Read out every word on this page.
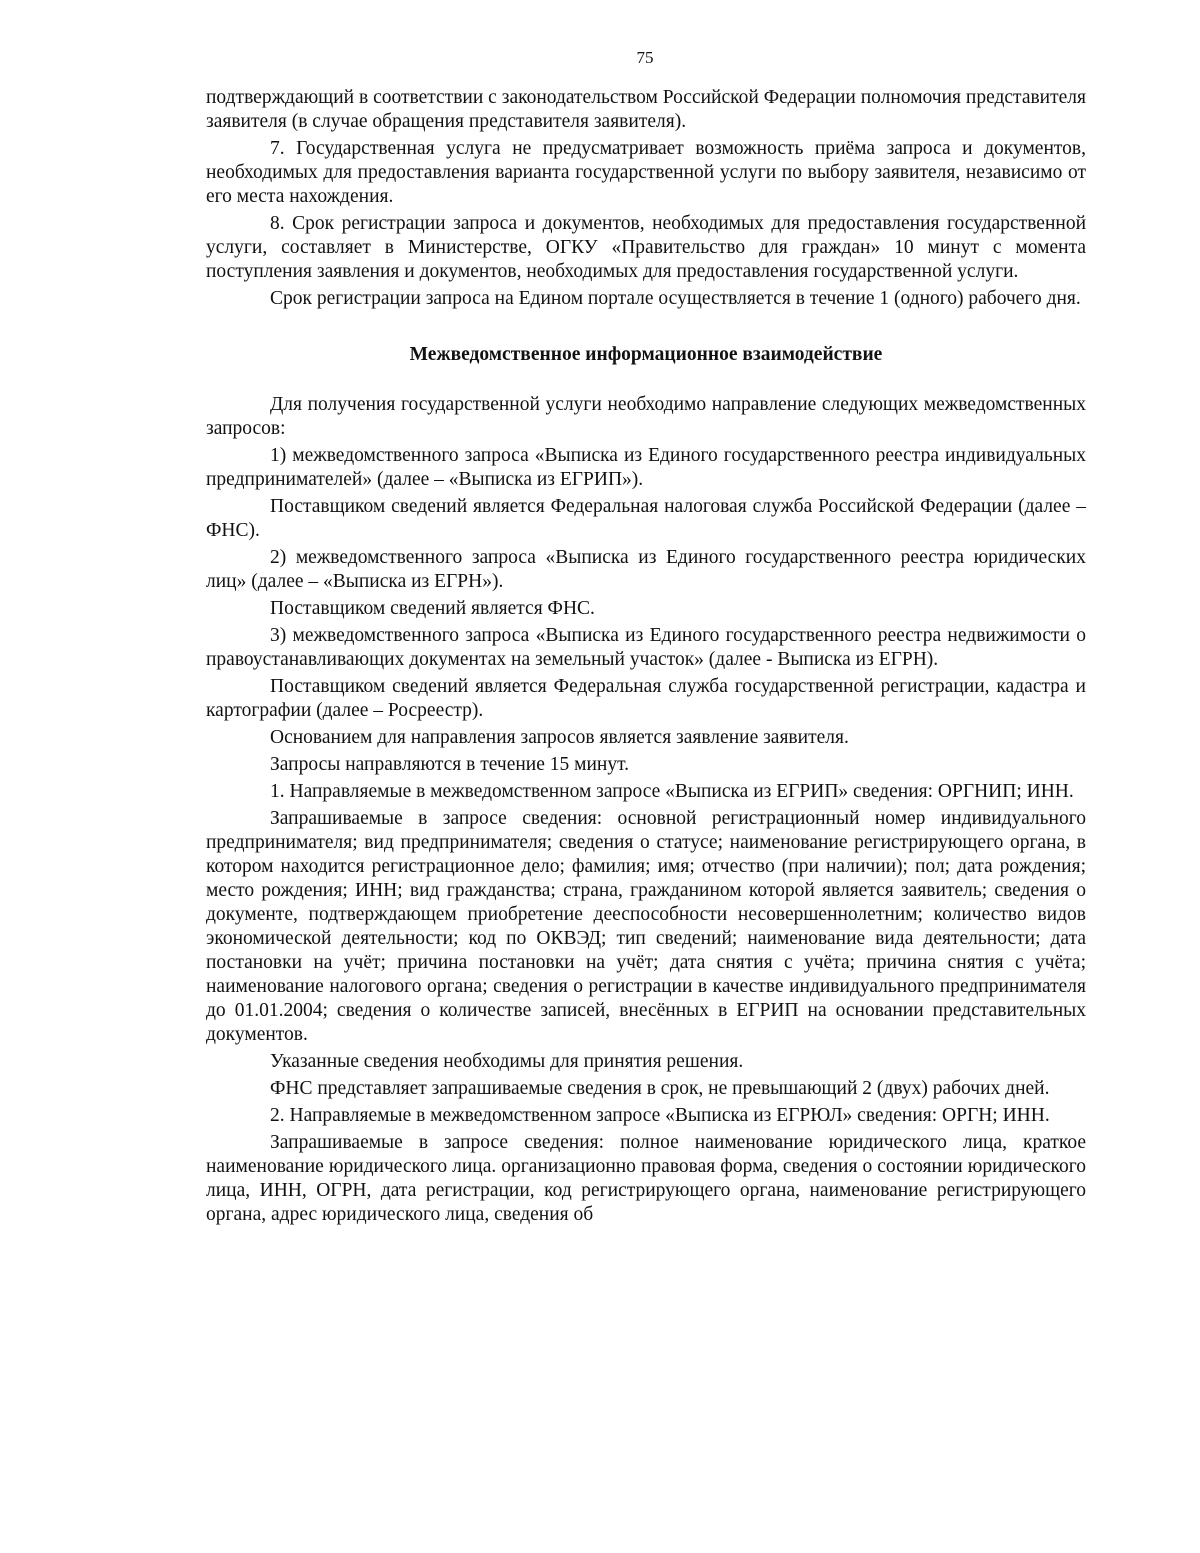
75

подтверждающий в соответствии с законодательством Российской Федерации полномочия представителя заявителя (в случае обращения представителя заявителя).

7. Государственная услуга не предусматривает возможность приёма запроса и документов, необходимых для предоставления варианта государственной услуги по выбору заявителя, независимо от его места нахождения.

8. Срок регистрации запроса и документов, необходимых для предоставления государственной услуги, составляет в Министерстве, ОГКУ «Правительство для граждан» 10 минут с момента поступления заявления и документов, необходимых для предоставления государственной услуги.

Срок регистрации запроса на Едином портале осуществляется в течение 1 (одного) рабочего дня.

Межведомственное информационное взаимодействие

Для получения государственной услуги необходимо направление следующих межведомственных запросов:

1) межведомственного запроса «Выписка из Единого государственного реестра индивидуальных предпринимателей» (далее – «Выписка из ЕГРИП»).

Поставщиком сведений является Федеральная налоговая служба Российской Федерации (далее – ФНС).

2) межведомственного запроса «Выписка из Единого государственного реестра юридических лиц» (далее – «Выписка из ЕГРН»).

Поставщиком сведений является ФНС.

3) межведомственного запроса «Выписка из Единого государственного реестра недвижимости о правоустанавливающих документах на земельный участок» (далее - Выписка из ЕГРН).

Поставщиком сведений является Федеральная служба государственной регистрации, кадастра и картографии (далее – Росреестр).

Основанием для направления запросов является заявление заявителя.

Запросы направляются в течение 15 минут.

1. Направляемые в межведомственном запросе «Выписка из ЕГРИП» сведения: ОРГНИП; ИНН.

Запрашиваемые в запросе сведения: основной регистрационный номер индивидуального предпринимателя; вид предпринимателя; сведения о статусе; наименование регистрирующего органа, в котором находится регистрационное дело; фамилия; имя; отчество (при наличии); пол; дата рождения; место рождения; ИНН; вид гражданства; страна, гражданином которой является заявитель; сведения о документе, подтверждающем приобретение дееспособности несовершеннолетним; количество видов экономической деятельности; код по ОКВЭД; тип сведений; наименование вида деятельности; дата постановки на учёт; причина постановки на учёт; дата снятия с учёта; причина снятия с учёта; наименование налогового органа; сведения о регистрации в качестве индивидуального предпринимателя до 01.01.2004; сведения о количестве записей, внесённых в ЕГРИП на основании представительных документов.

Указанные сведения необходимы для принятия решения.

ФНС представляет запрашиваемые сведения в срок, не превышающий 2 (двух) рабочих дней.

2. Направляемые в межведомственном запросе «Выписка из ЕГРЮЛ» сведения: ОРГН; ИНН.

Запрашиваемые в запросе сведения: полное наименование юридического лица, краткое наименование юридического лица. организационно правовая форма, сведения о состоянии юридического лица, ИНН, ОГРН, дата регистрации, код регистрирующего органа, наименование регистрирующего органа, адрес юридического лица, сведения об
